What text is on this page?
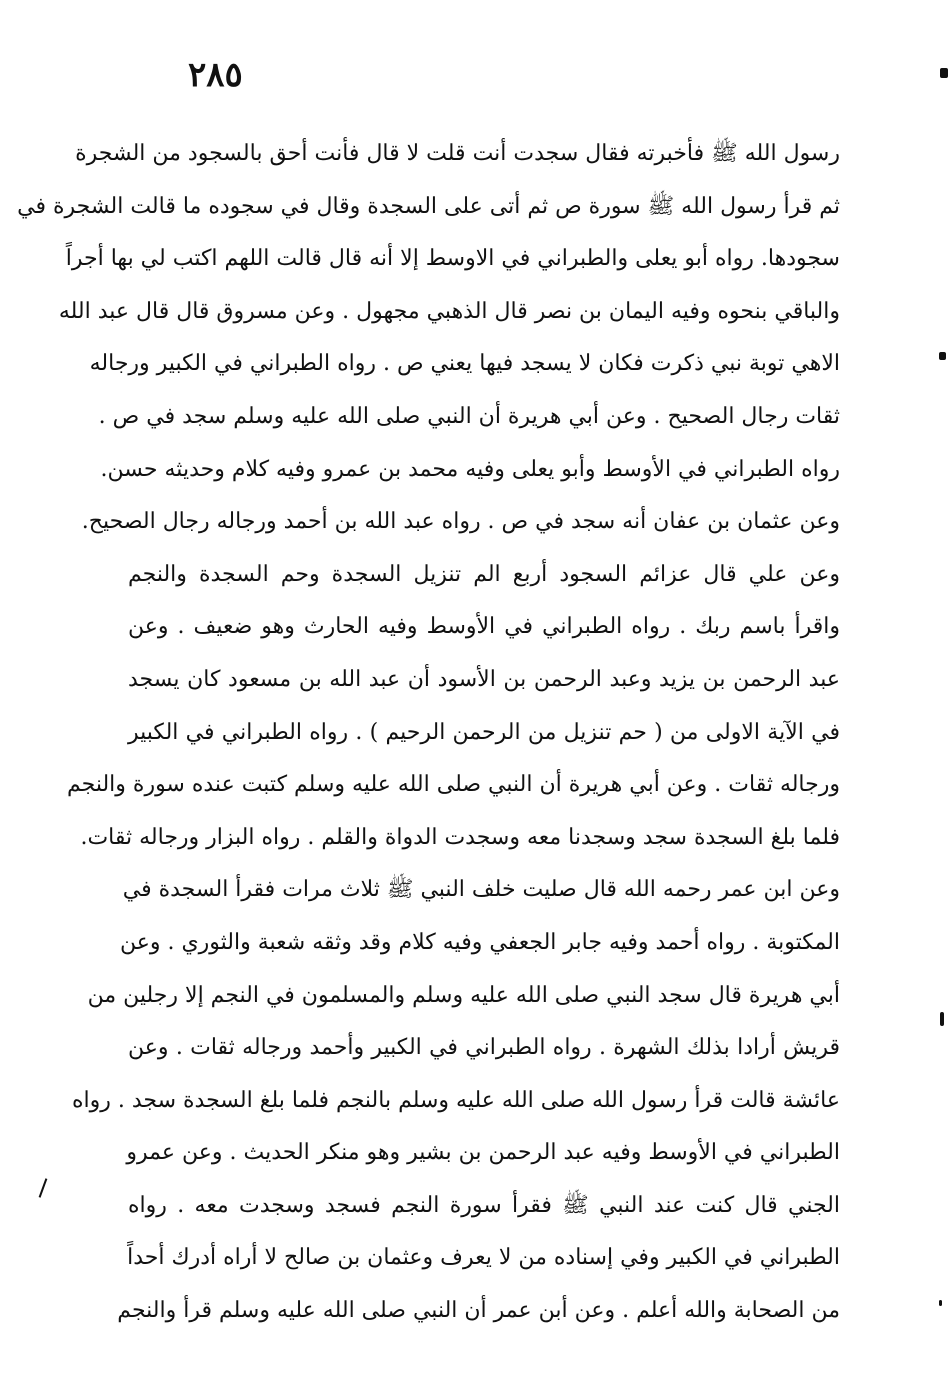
٢٨٥
رسول الله ﷺ فأخبرته فقال سجدت أنت قلت لا قال فأنت أحق بالسجود من الشجرة
ثم قرأ رسول الله ﷺ سورة ص ثم أتى على السجدة وقال في سجوده ما قالت الشجرة في
سجودها. رواه أبو يعلى والطبراني في الاوسط إلا أنه قال قالت اللهم اكتب لي بها أجراً
والباقي بنحوه وفيه اليمان بن نصر قال الذهبي مجهول . وعن مسروق قال قال عبد الله
الاهي توبة نبي ذكرت فكان لا يسجد فيها يعني ص . رواه الطبراني في الكبير ورجاله
ثقات رجال الصحيح . وعن أبي هريرة أن النبي صلى الله عليه وسلم سجد في ص .
رواه الطبراني في الأوسط وأبو يعلى وفيه محمد بن عمرو وفيه كلام وحديثه حسن.
وعن عثمان بن عفان أنه سجد في ص . رواه عبد الله بن أحمد ورجاله رجال الصحيح.
وعن علي قال عزائم السجود أربع الم تنزيل السجدة وحم السجدة والنجم
واقرأ باسم ربك . رواه الطبراني في الأوسط وفيه الحارث وهو ضعيف . وعن
عبد الرحمن بن يزيد وعبد الرحمن بن الأسود أن عبد الله بن مسعود كان يسجد
في الآية الاولى من ( حم تنزيل من الرحمن الرحيم ) . رواه الطبراني في الكبير
ورجاله ثقات . وعن أبي هريرة أن النبي صلى الله عليه وسلم كتبت عنده سورة والنجم
فلما بلغ السجدة سجد وسجدنا معه وسجدت الدواة والقلم . رواه البزار ورجاله ثقات.
وعن ابن عمر رحمه الله قال صليت خلف النبي ﷺ ثلاث مرات فقرأ السجدة في
المكتوبة . رواه أحمد وفيه جابر الجعفي وفيه كلام وقد وثقه شعبة والثوري . وعن
أبي هريرة قال سجد النبي صلى الله عليه وسلم والمسلمون في النجم إلا رجلين من
قريش أرادا بذلك الشهرة . رواه الطبراني في الكبير وأحمد ورجاله ثقات . وعن
عائشة قالت قرأ رسول الله صلى الله عليه وسلم بالنجم فلما بلغ السجدة سجد . رواه
الطبراني في الأوسط وفيه عبد الرحمن بن بشير وهو منكر الحديث . وعن عمرو
الجني قال كنت عند النبي ﷺ فقرأ سورة النجم فسجد وسجدت معه . رواه
الطبراني في الكبير وفي إسناده من لا يعرف وعثمان بن صالح لا أراه أدرك أحداً
من الصحابة والله أعلم . وعن أبن عمر أن النبي صلى الله عليه وسلم قرأ والنجم
